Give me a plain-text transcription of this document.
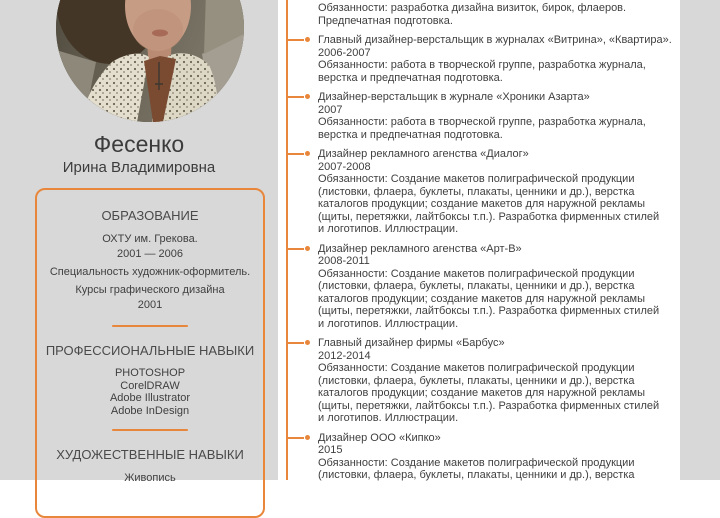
Фесенко
Ирина Владимировна
ОБРАЗОВАНИЕ
ОХТУ им. Грекова.
2001 — 2006
Специальность художник-оформитель.
Курсы графического дизайна
2001
ПРОФЕССИОНАЛЬНЫЕ НАВЫКИ
PHOTOSHOP
CorelDRAW
Adobe Illustrator
Adobe InDesign
ХУДОЖЕСТВЕННЫЕ НАВЫКИ
Живопись
Обязанности: разработка дизайна визиток, бирок, флаеров.
Предпечатная подготовка.
Главный дизайнер-верстальщик в журналах «Витрина», «Квартира».
2006-2007
Обязанности: работа в творческой группе, разработка журнала, верстка и предпечатная подготовка.
Дизайнер-верстальщик в журнале «Хроники Азарта»
2007
Обязанности: работа в творческой группе, разработка журнала, верстка и предпечатная подготовка.
Дизайнер рекламного агенства «Диалог»
2007-2008
Обязанности: Создание макетов полиграфической продукции (листовки, флаера, буклеты, плакаты, ценники и др.), верстка каталогов продукции; создание макетов для наружной рекламы (щиты, перетяжки, лайтбоксы т.п.). Разработка фирменных стилей и логотипов. Иллюстрации.
Дизайнер рекламного агенства «Арт-В»
2008-2011
Обязанности: Создание макетов полиграфической продукции (листовки, флаера, буклеты, плакаты, ценники и др.), верстка каталогов продукции; создание макетов для наружной рекламы (щиты, перетяжки, лайтбоксы т.п.). Разработка фирменных стилей и логотипов. Иллюстрации.
Главный дизайнер фирмы «Барбус»
2012-2014
Обязанности: Создание макетов полиграфической продукции (листовки, флаера, буклеты, плакаты, ценники и др.), верстка каталогов продукции; создание макетов для наружной рекламы (щиты, перетяжки, лайтбоксы т.п.). Разработка фирменных стилей и логотипов. Иллюстрации.
Дизайнер ООО «Кипко»
2015
Обязанности: Создание макетов полиграфической продукции (листовки, флаера, буклеты, плакаты, ценники и др.), верстка
